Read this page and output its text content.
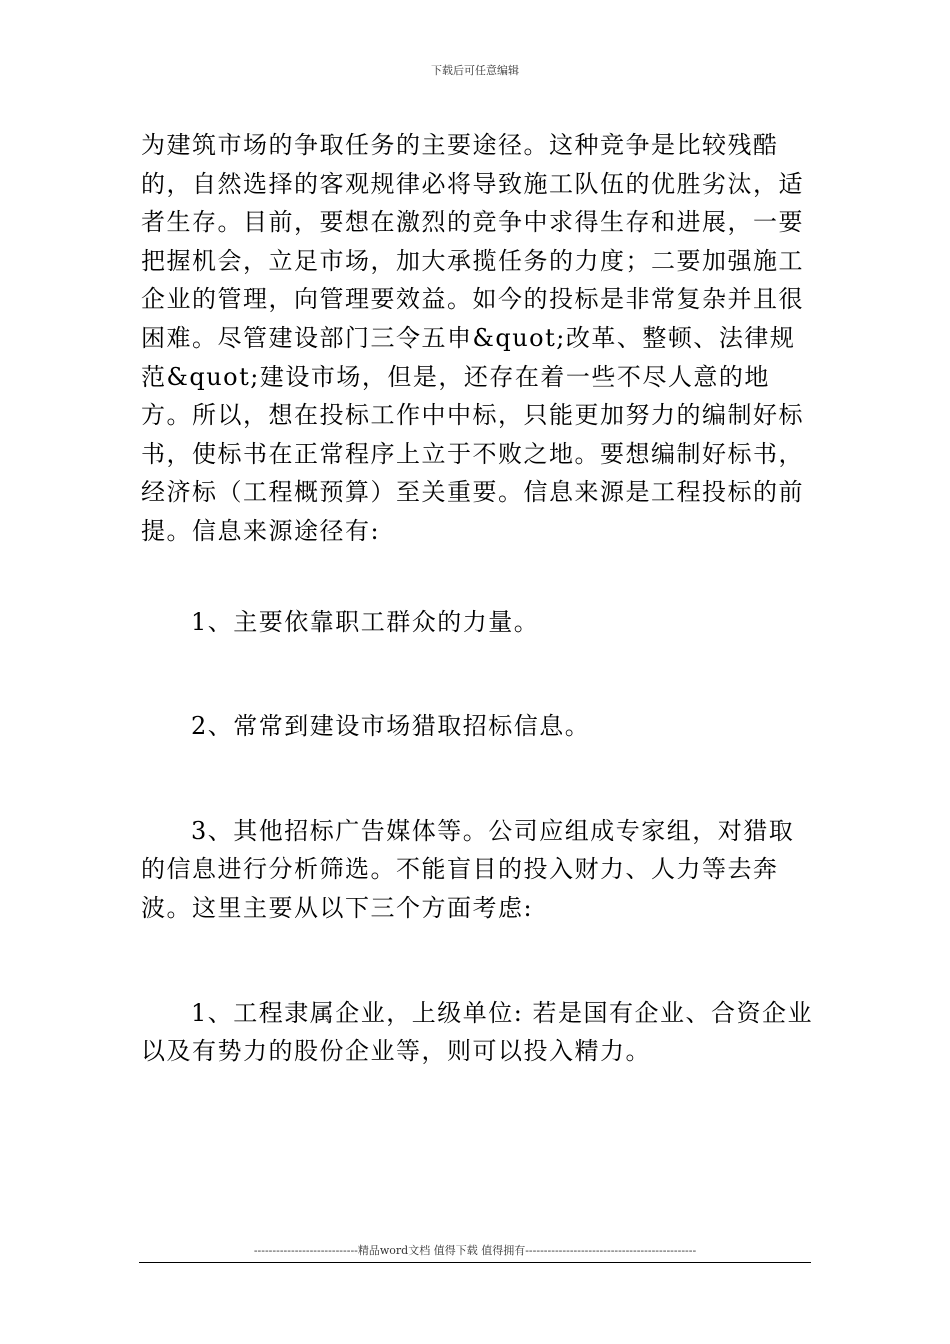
下载后可任意编辑

为建筑市场的争取任务的主要途径。这种竞争是比较残酷的，自然选择的客观规律必将导致施工队伍的优胜劣汰，适者生存。目前，要想在激烈的竞争中求得生存和进展，一要把握机会，立足市场，加大承揽任务的力度；二要加强施工企业的管理，向管理要效益。如今的投标是非常复杂并且很困难。尽管建设部门三令五申&quot;改革、整顿、法律规范&quot;建设市场，但是，还存在着一些不尽人意的地方。所以，想在投标工作中中标，只能更加努力的编制好标书，使标书在正常程序上立于不败之地。要想编制好标书，经济标（工程概预算）至关重要。信息来源是工程投标的前提。信息来源途径有:

1、主要依靠职工群众的力量。

2、常常到建设市场猎取招标信息。

3、其他招标广告媒体等。公司应组成专家组，对猎取的信息进行分析筛选。不能盲目的投入财力、人力等去奔波。这里主要从以下三个方面考虑:

1、工程隶属企业，上级单位: 若是国有企业、合资企业以及有势力的股份企业等，则可以投入精力。

----------------------------精品word文档 值得下载 值得拥有----------------------------------------------
